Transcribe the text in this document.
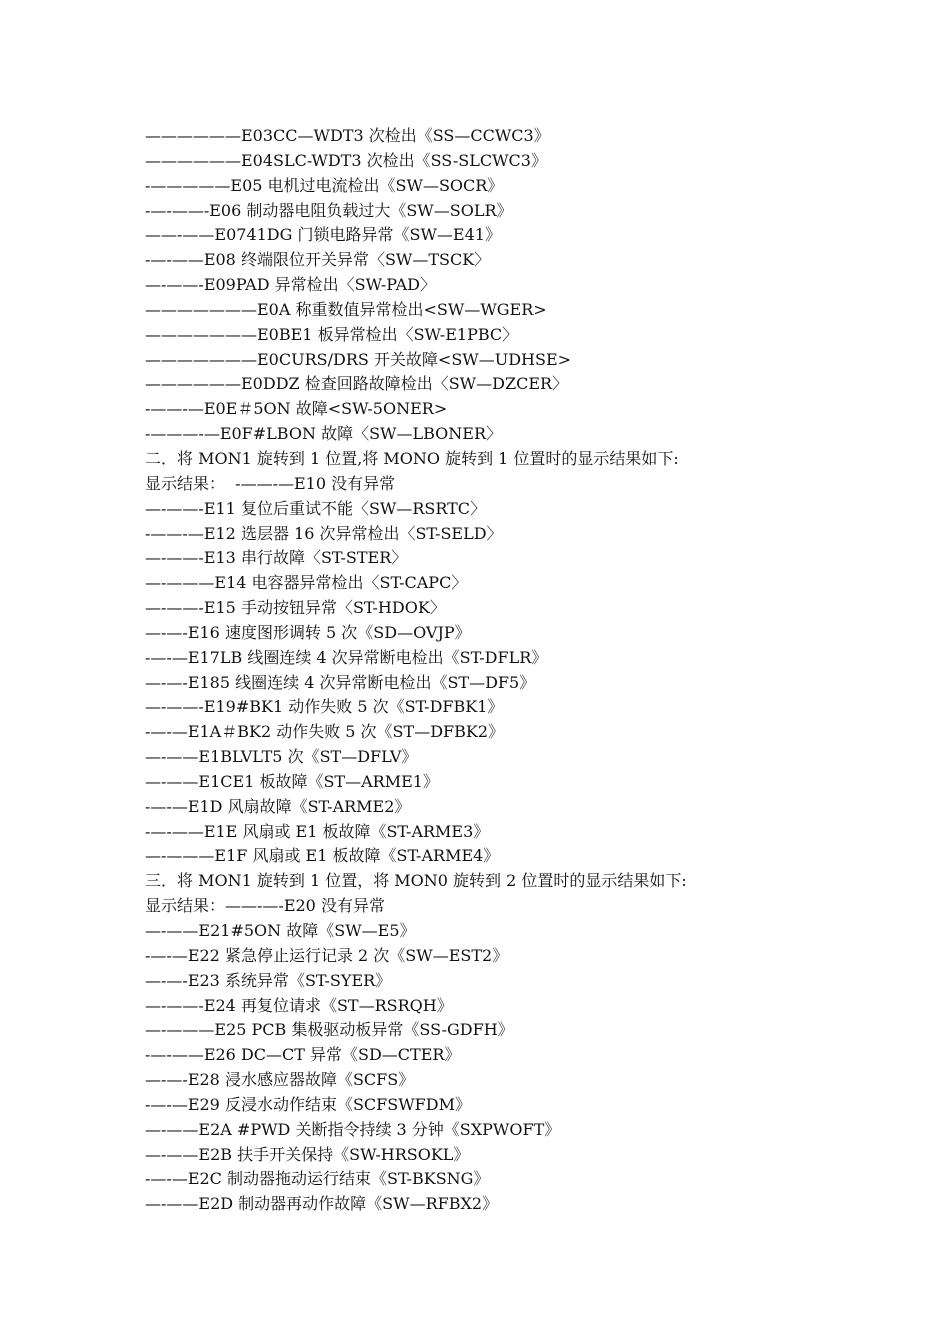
——————E03CC—WDT3 次检出《SS—CCWC3》
——————E04SLC-WDT3 次检出《SS-SLCWC3》
-—————E05 电机过电流检出《SW—SOCR》
-—-——-E06 制动器电阻负载过大《SW—SOLR》
——-——E0741DG 门锁电路异常《SW—E41》
-—-——E08 终端限位开关异常〈SW—TSCK〉
—-——-E09PAD 异常检出〈SW-PAD〉
———————E0A 称重数值异常检出<SW—WGER>
———————E0BE1 板异常检出〈SW-E1PBC〉
———————E0CURS/DRS 开关故障<SW—UDHSE>
——————E0DDZ 检查回路故障检出〈SW—DZCER〉
-——-—E0E＃5ON 故障<SW-5ONER>
-———-—E0F#LBON 故障〈SW—LBONER〉
二．将 MON1 旋转到 1 位置,将 MONO 旋转到 1 位置时的显示结果如下:
显示结果：  -——-—E10 没有异常
—-——-E11 复位后重试不能〈SW—RSRTC〉
-——-—E12 选层器 16 次异常检出〈ST-SELD〉
—-——-E13 串行故障〈ST-STER〉
—-———E14 电容器异常检出〈ST-CAPC〉
—-——-E15 手动按钮异常〈ST-HDOK〉
—-—-E16 速度图形调转 5 次《SD—OVJP》
-—-—E17LB 线圈连续 4 次异常断电检出《ST-DFLR》
—-—-E185 线圈连续 4 次异常断电检出《ST—DF5》
—-——-E19#BK1 动作失败 5 次《ST-DFBK1》
-—-—E1A＃BK2 动作失败 5 次《ST—DFBK2》
—-——E1BLVLT5 次《ST—DFLV》
—-——E1CE1 板故障《ST—ARME1》
-—-—E1D 风扇故障《ST-ARME2》
-—-——E1E 风扇或 E1 板故障《ST-ARME3》
—-———E1F 风扇或 E1 板故障《ST-ARME4》
三．将 MON1 旋转到 1 位置，将 MON0 旋转到 2 位置时的显示结果如下:
显示结果：——-—-E20 没有异常
—-——E21#5ON 故障《SW—E5》
-—-—E22 紧急停止运行记录 2 次《SW—EST2》
—-—-E23 系统异常《ST-SYER》
—-——-E24 再复位请求《ST—RSRQH》
—-———E25 PCB 集极驱动板异常《SS-GDFH》
-—-——E26 DC—CT 异常《SD—CTER》
—-—-E28 浸水感应器故障《SCFS》
-—-—E29 反浸水动作结束《SCFSWFDM》
—-——E2A #PWD 关断指令持续 3 分钟《SXPWOFT》
—-——E2B 扶手开关保持《SW-HRSOKL》
-—-—E2C 制动器拖动运行结束《ST-BKSNG》
—-——E2D 制动器再动作故障《SW—RFBX2》
